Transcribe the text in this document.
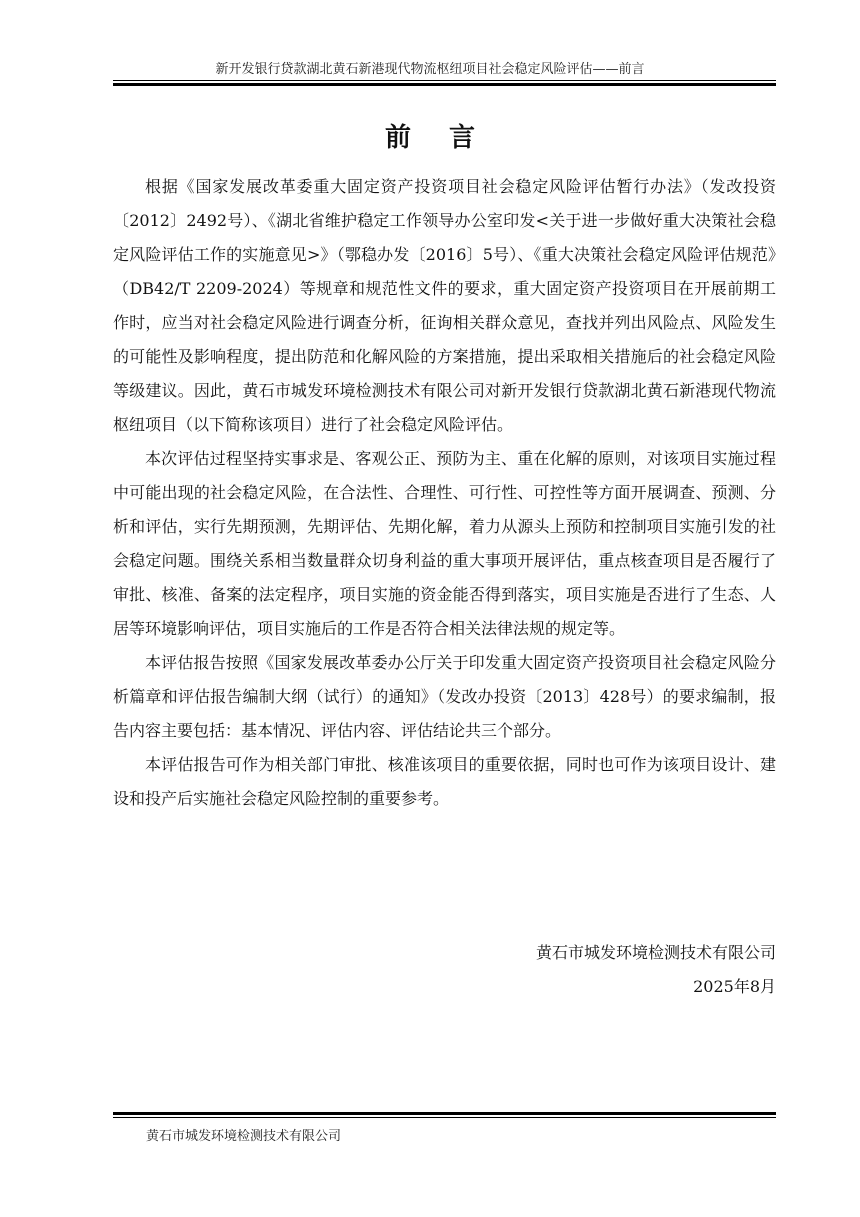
新开发银行贷款湖北黄石新港现代物流枢纽项目社会稳定风险评估——前言
前言

根据《国家发展改革委重大固定资产投资项目社会稳定风险评估暂行办法》（发改投资〔2012〕2492号）、《湖北省维护稳定工作领导办公室印发<关于进一步做好重大决策社会稳定风险评估工作的实施意见>》（鄂稳办发〔2016〕5号）、《重大决策社会稳定风险评估规范》（DB42/T 2209-2024）等规章和规范性文件的要求，重大固定资产投资项目在开展前期工作时，应当对社会稳定风险进行调查分析，征询相关群众意见，查找并列出风险点、风险发生的可能性及影响程度，提出防范和化解风险的方案措施，提出采取相关措施后的社会稳定风险等级建议。因此，黄石市城发环境检测技术有限公司对新开发银行贷款湖北黄石新港现代物流枢纽项目（以下简称该项目）进行了社会稳定风险评估。

本次评估过程坚持实事求是、客观公正、预防为主、重在化解的原则，对该项目实施过程中可能出现的社会稳定风险，在合法性、合理性、可行性、可控性等方面开展调查、预测、分析和评估，实行先期预测，先期评估、先期化解，着力从源头上预防和控制项目实施引发的社会稳定问题。围绕关系相当数量群众切身利益的重大事项开展评估，重点核查项目是否履行了审批、核准、备案的法定程序，项目实施的资金能否得到落实，项目实施是否进行了生态、人居等环境影响评估，项目实施后的工作是否符合相关法律法规的规定等。

本评估报告按照《国家发展改革委办公厅关于印发重大固定资产投资项目社会稳定风险分析篇章和评估报告编制大纲（试行）的通知》（发改办投资〔2013〕428号）的要求编制，报告内容主要包括：基本情况、评估内容、评估结论共三个部分。

本评估报告可作为相关部门审批、核准该项目的重要依据，同时也可作为该项目设计、建设和投产后实施社会稳定风险控制的重要参考。

黄石市城发环境检测技术有限公司
2025年8月
黄石市城发环境检测技术有限公司
